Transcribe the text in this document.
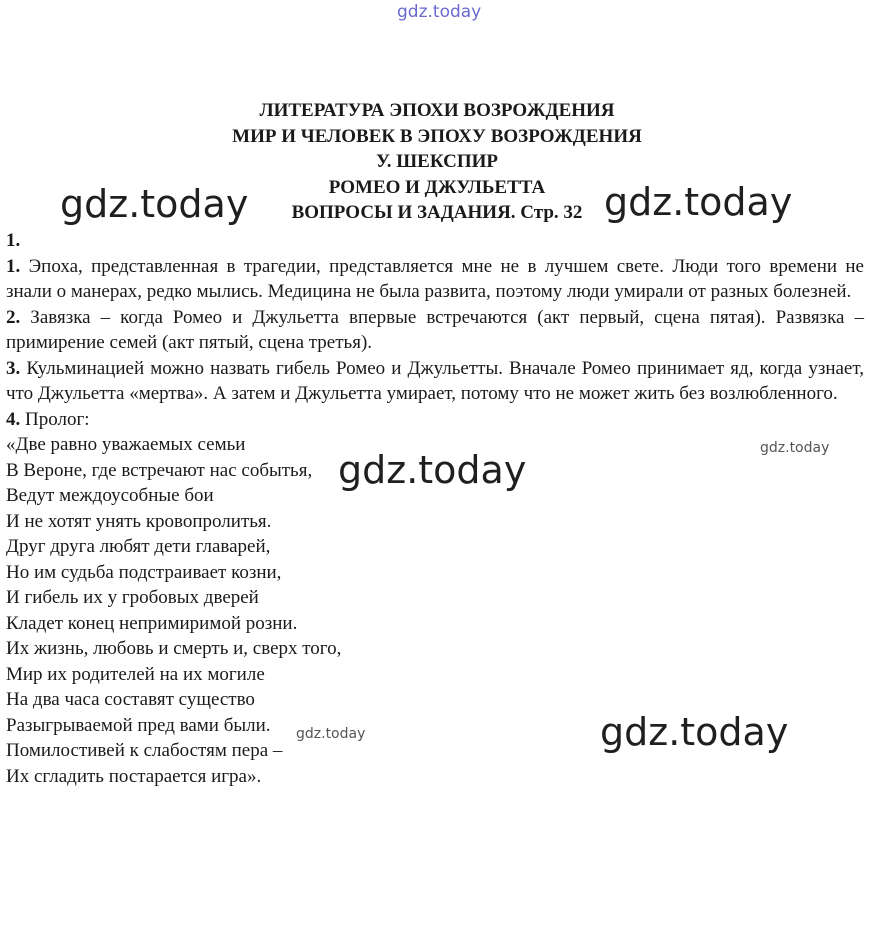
gdz.today
ЛИТЕРАТУРА ЭПОХИ ВОЗРОЖДЕНИЯ
МИР И ЧЕЛОВЕК В ЭПОХУ ВОЗРОЖДЕНИЯ
У. ШЕКСПИР
РОМЕО И ДЖУЛЬЕТТА
ВОПРОСЫ И ЗАДАНИЯ. Стр. 32
1.
1. Эпоха, представленная в трагедии, представляется мне не в лучшем свете. Люди того времени не знали о манерах, редко мылись. Медицина не была развита, поэтому люди умирали от разных болезней.
2. Завязка – когда Ромео и Джульетта впервые встречаются (акт первый, сцена пятая). Развязка – примирение семей (акт пятый, сцена третья).
3. Кульминацией можно назвать гибель Ромео и Джульетты. Вначале Ромео принимает яд, когда узнает, что Джульетта «мертва». А затем и Джульетта умирает, потому что не может жить без возлюбленного.
4. Пролог:
«Две равно уважаемых семьи
В Вероне, где встречают нас событья,
Ведут междоусобные бои
И не хотят унять кровопролитья.
Друг друга любят дети главарей,
Но им судьба подстраивает козни,
И гибель их у гробовых дверей
Кладет конец непримиримой розни.
Их жизнь, любовь и смерть и, сверх того,
Мир их родителей на их могиле
На два часа составят существо
Разыгрываемой пред вами были.
Помилостивей к слабостям пера –
Их сгладить постарается игра».
gdz.today	gdz.today
gdz.today
gdz.today
gdz.today
gdz.today
